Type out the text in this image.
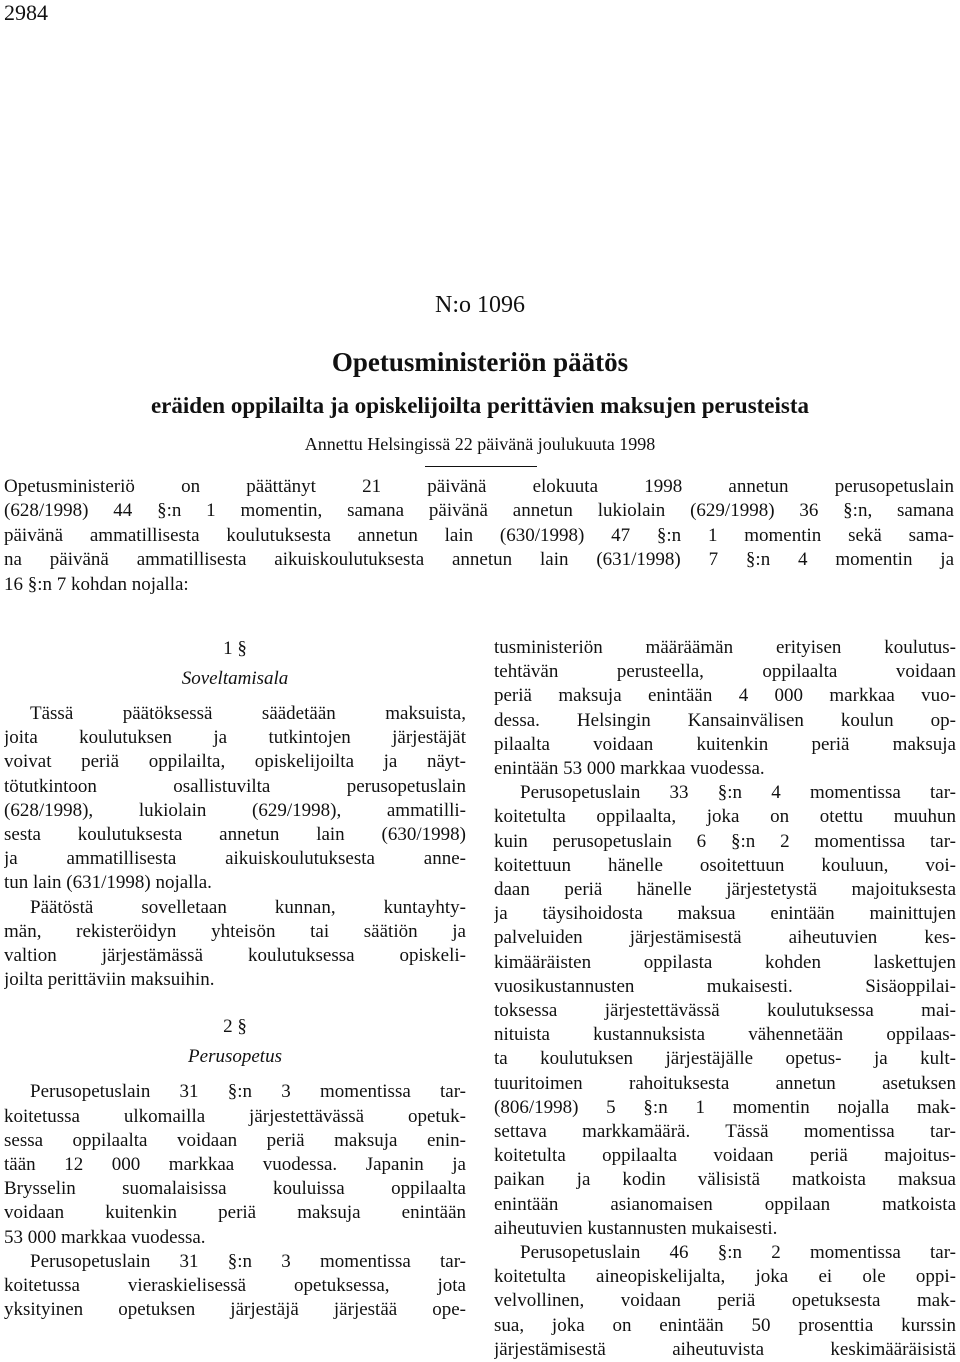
2984
N:o 1096
Opetusministeriön päätös
eräiden oppilailta ja opiskelijoilta perittävien maksujen perusteista
Annettu Helsingissä 22 päivänä joulukuuta 1998
Opetusministeriö on päättänyt 21 päivänä elokuuta 1998 annetun perusopetuslain
(628/1998) 44 §:n 1 momentin, samana päivänä annetun lukiolain (629/1998) 36 §:n, samana
päivänä ammatillisesta koulutuksesta annetun lain (630/1998) 47 §:n 1 momentin sekä sama-
na päivänä ammatillisesta aikuiskoulutuksesta annetun lain (631/1998) 7 §:n 4 momentin ja
16 §:n 7 kohdan nojalla:
1 §
Soveltamisala
Tässä päätöksessä säädetään maksuista,
joita koulutuksen ja tutkintojen järjestäjät
voivat periä oppilailta, opiskelijoilta ja näyt-
tötutkintoon osallistuvilta perusopetuslain
(628/1998), lukiolain (629/1998), ammatilli-
sesta koulutuksesta annetun lain (630/1998)
ja ammatillisesta aikuiskoulutuksesta anne-
tun lain (631/1998) nojalla.
Päätöstä sovelletaan kunnan, kuntayhty-
män, rekisteröidyn yhteisön tai säätiön ja
valtion järjestämässä koulutuksessa opiskeli-
joilta perittäviin maksuihin.
2 §
Perusopetus
Perusopetuslain 31 §:n 3 momentissa tar-
koitetussa ulkomailla järjestettävässä opetuk-
sessa oppilaalta voidaan periä maksuja enin-
tään 12 000 markkaa vuodessa. Japanin ja
Brysselin suomalaisissa kouluissa oppilaalta
voidaan kuitenkin periä maksuja enintään
53 000 markkaa vuodessa.
Perusopetuslain 31 §:n 3 momentissa tar-
koitetussa vieraskielisessä opetuksessa, jota
yksityinen opetuksen järjestäjä järjestää ope-
tusministeriön määräämän erityisen koulutus-
tehtävän perusteella, oppilaalta voidaan
periä maksuja enintään 4 000 markkaa vuo-
dessa. Helsingin Kansainvälisen koulun op-
pilaalta voidaan kuitenkin periä maksuja
enintään 53 000 markkaa vuodessa.
Perusopetuslain 33 §:n 4 momentissa tar-
koitetulta oppilaalta, joka on otettu muuhun
kuin perusopetuslain 6 §:n 2 momentissa tar-
koitettuun hänelle osoitettuun kouluun, voi-
daan periä hänelle järjestetystä majoituksesta
ja täysihoidosta maksua enintään mainittujen
palveluiden järjestämisestä aiheutuvien kes-
kimääräisten oppilasta kohden laskettujen
vuosikustannusten mukaisesti. Sisäoppilai-
toksessa järjestettävässä koulutuksessa mai-
nituista kustannuksista vähennetään oppilaas-
ta koulutuksen järjestäjälle opetus- ja kult-
tuuritoimen rahoituksesta annetun asetuksen
(806/1998) 5 §:n 1 momentin nojalla mak-
settava markkamäärä. Tässä momentissa tar-
koitetulta oppilaalta voidaan periä majoitus-
paikan ja kodin välisistä matkoista maksua
enintään asianomaisen oppilaan matkoista
aiheutuvien kustannusten mukaisesti.
Perusopetuslain 46 §:n 2 momentissa tar-
koitetulta aineopiskelijalta, joka ei ole oppi-
velvollinen, voidaan periä opetuksesta mak-
sua, joka on enintään 50 prosenttia kurssin
järjestämisestä aiheutuvista keskimääräisistä
